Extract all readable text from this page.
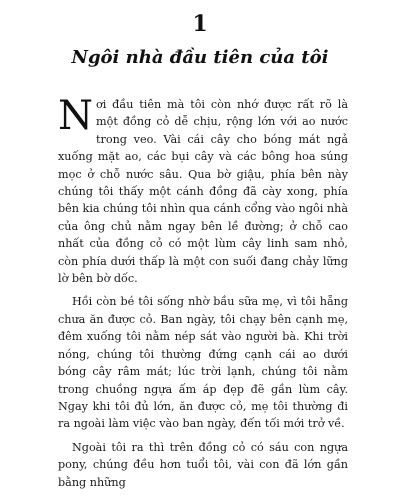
1
Ngôi nhà đầu tiên của tôi

Nơi đầu tiên mà tôi còn nhớ được rất rõ là một đồng cỏ dễ chịu, rộng lớn với ao nước trong veo. Vài cái cây cho bóng mát ngả xuống mặt ao, các bụi cây và các bông hoa súng mọc ở chỗ nước sâu. Qua bờ giậu, phía bên này chúng tôi thấy một cánh đồng đã cày xong, phía bên kia chúng tôi nhìn qua cánh cổng vào ngôi nhà của ông chủ nằm ngay bên lề đường; ở chỗ cao nhất của đồng cỏ có một lùm cây linh sam nhỏ, còn phía dưới thấp là một con suối đang chảy lững lờ bên bờ dốc.

Hồi còn bé tôi sống nhờ bầu sữa mẹ, vì tôi hẵng chưa ăn được cỏ. Ban ngày, tôi chạy bên cạnh mẹ, đêm xuống tôi nằm nép sát vào người bà. Khi trời nóng, chúng tôi thường đứng cạnh cái ao dưới bóng cây râm mát; lúc trời lạnh, chúng tôi nằm trong chuồng ngựa ấm áp đẹp đẽ gần lùm cây. Ngay khi tôi đủ lớn, ăn được cỏ, mẹ tôi thường đi ra ngoài làm việc vào ban ngày, đến tối mới trở về.

Ngoài tôi ra thì trên đồng cỏ có sáu con ngựa pony, chúng đều hơn tuổi tôi, vài con đã lớn gần bằng những
